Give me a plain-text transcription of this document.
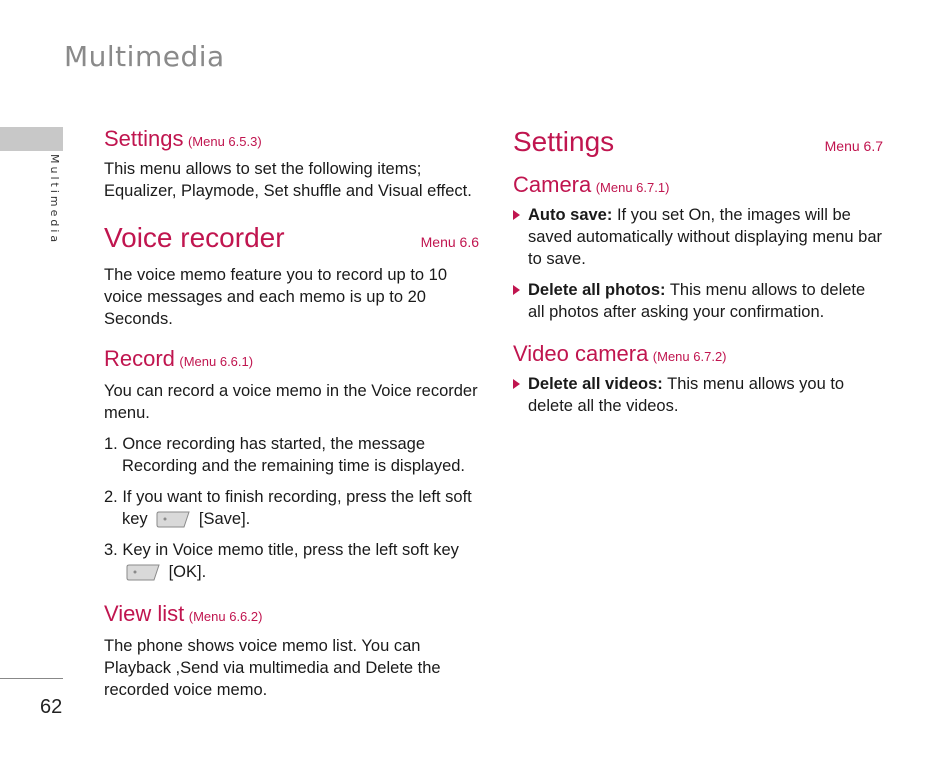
Multimedia
Multimedia
62
Settings (Menu 6.5.3)

This menu allows to set the following items; Equalizer, Playmode, Set shuffle and Visual effect.

Voice recorder	Menu 6.6

The voice memo feature you to record up to 10 voice messages and each memo is up to 20 Seconds.

Record (Menu 6.6.1)

You can record a voice memo in the Voice recorder menu.

1. Once recording has started, the message Recording and the remaining time is displayed.

2. If you want to finish recording, press the left soft key	[Save].

3. Key in Voice memo title, press the left soft key
[OK].

View list (Menu 6.6.2)

The phone shows voice memo list. You can Playback ,Send via multimedia and Delete the recorded voice memo.

Settings	Menu 6.7
Camera (Menu 6.7.1)

Auto save: If you set On, the images will be saved automatically without displaying menu bar to save.

Delete all photos: This menu allows to delete all photos after asking your confirmation.

Video camera (Menu 6.7.2)

Delete all videos: This menu allows you to delete all the videos.
